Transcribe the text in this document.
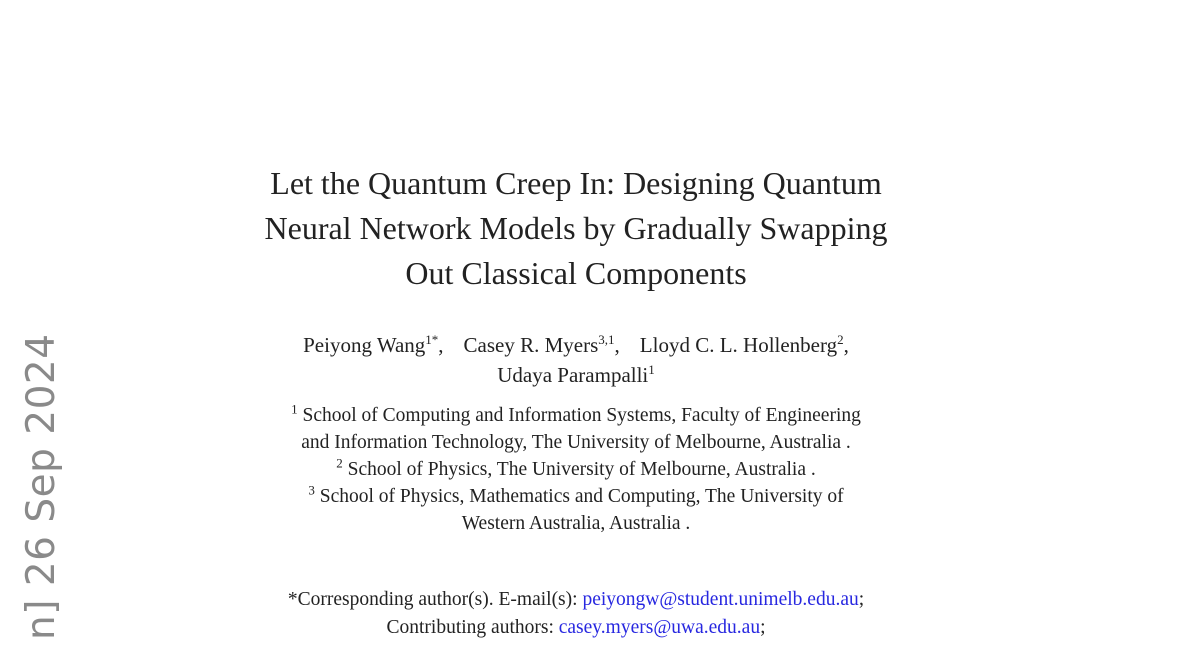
n] 26 Sep 2024
Let the Quantum Creep In: Designing Quantum
Neural Network Models by Gradually Swapping
Out Classical Components
Peiyong Wang$^{1*}$, Casey R. Myers$^{3,1}$, Lloyd C. L. Hollenberg$^2$,
Udaya Parampalli$^1$
$^1$ School of Computing and Information Systems, Faculty of Engineering
and Information Technology, The University of Melbourne, Australia .
$^2$ School of Physics, The University of Melbourne, Australia .
$^3$ School of Physics, Mathematics and Computing, The University of
Western Australia, Australia .
*Corresponding author(s). E-mail(s): peiyongw@student.unimelb.edu.au;
Contributing authors: casey.myers@uwa.edu.au;
